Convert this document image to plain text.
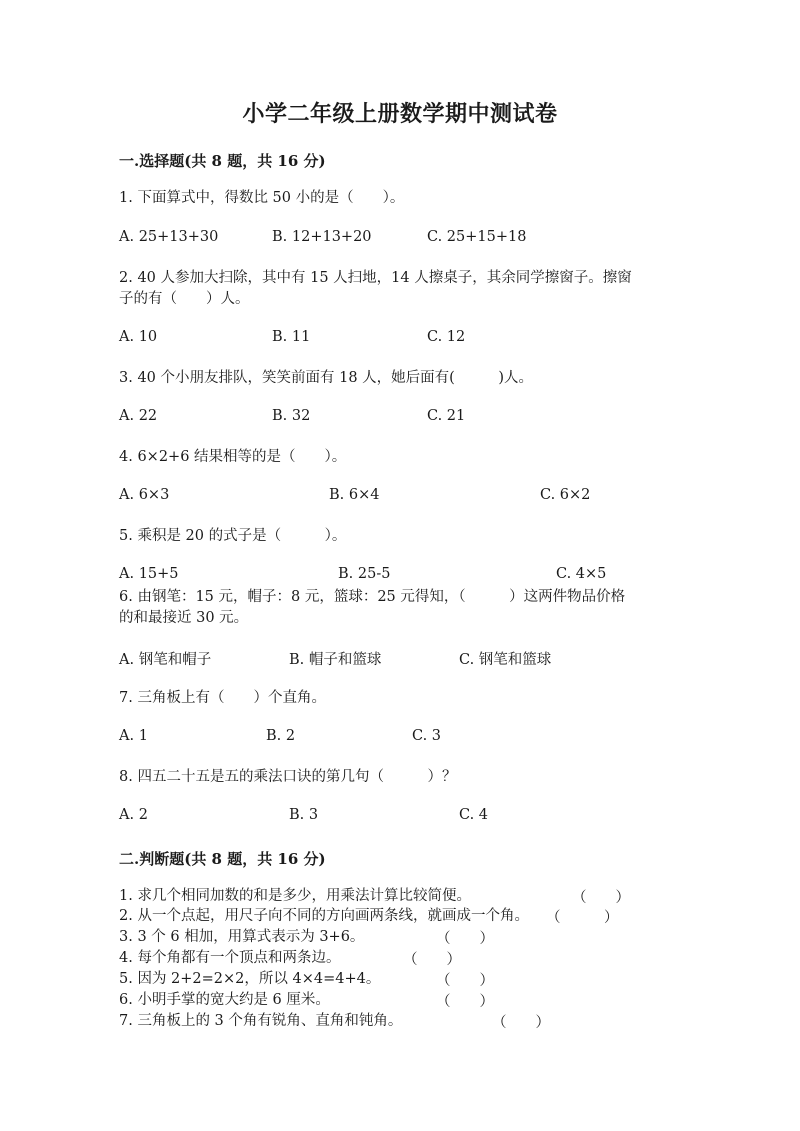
小学二年级上册数学期中测试卷
一.选择题(共 8 题，共 16 分)
1. 下面算式中，得数比 50 小的是（　　）。
A. 25+13+30	B. 12+13+20	C. 25+15+18
2. 40 人参加大扫除，其中有 15 人扫地，14 人擦桌子，其余同学擦窗子。擦窗
子的有（　　）人。
A. 10	B. 11	C. 12
3. 40 个小朋友排队，笑笑前面有 18 人，她后面有(　　　)人。
A. 22	B. 32	C. 21
4. 6×2+6 结果相等的是（　　）。
A. 6×3	B. 6×4	C. 6×2
5. 乘积是 20 的式子是（　　　）。
A. 15+5	B. 25-5	C. 4×5
6. 由钢笔：15 元，帽子：8 元，篮球：25 元得知，（　　　）这两件物品价格
的和最接近 30 元。
A. 钢笔和帽子	B. 帽子和篮球	C. 钢笔和篮球
7. 三角板上有（　　）个直角。
A. 1	B. 2	C. 3
8. 四五二十五是五的乘法口诀的第几句（　　　）？
A. 2	B. 3	C. 4
二.判断题(共 8 题，共 16 分)
1. 求几个相同加数的和是多少，用乘法计算比较简便。	（　　）
2. 从一个点起，用尺子向不同的方向画两条线，就画成一个角。 （　　　）
3. 3 个 6 相加，用算式表示为 3+6。	（　　）
4. 每个角都有一个顶点和两条边。	（　　）
5. 因为 2+2=2×2，所以 4×4=4+4。	（　　）
6. 小明手掌的宽大约是 6 厘米。	（　　）
7. 三角板上的 3 个角有锐角、直角和钝角。	（　　）
